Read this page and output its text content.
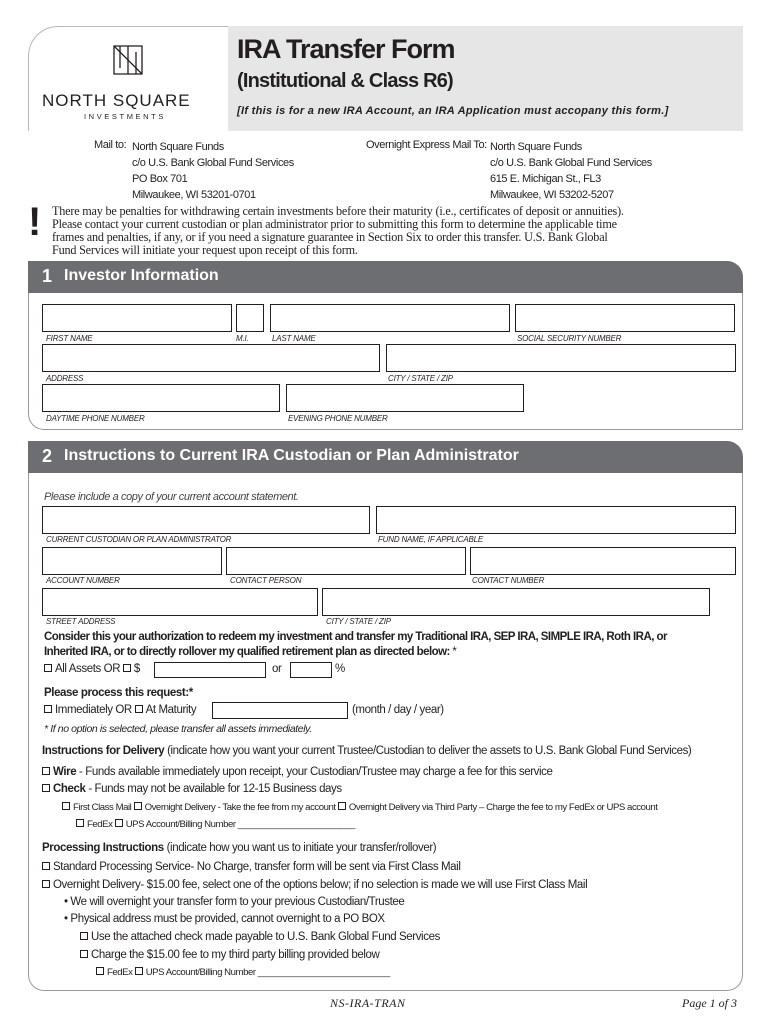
NORTH SQUARE
INVESTMENTS
IRA Transfer Form
(Institutional & Class R6)
[If this is for a new IRA Account, an IRA Application must accopany this form.]
Mail to: North Square Funds
c/o U.S. Bank Global Fund Services
PO Box 701
Milwaukee, WI 53201-0701
Overnight Express Mail To: North Square Funds
c/o U.S. Bank Global Fund Services
615 E. Michigan St., FL3
Milwaukee, WI 53202-5207
! There may be penalties for withdrawing certain investments before their maturity (i.e., certificates of deposit or annuities).
Please contact your current custodian or plan administrator prior to submitting this form to determine the applicable time
frames and penalties, if any, or if you need a signature guarantee in Section Six to order this transfer. U.S. Bank Global
Fund Services will initiate your request upon receipt of this form.
1 Investor Information
FIRST NAME	M.I.	LAST NAME	SOCIAL SECURITY NUMBER
ADDRESS	CITY / STATE / ZIP
DAYTIME PHONE NUMBER	EVENING PHONE NUMBER
2 Instructions to Current IRA Custodian or Plan Administrator
Please include a copy of your current account statement.
CURRENT CUSTODIAN OR PLAN ADMINISTRATOR	FUND NAME, IF APPLICABLE
ACCOUNT NUMBER	CONTACT PERSON	CONTACT NUMBER
STREET ADDRESS	CITY / STATE / ZIP
Consider this your authorization to redeem my investment and transfer my Traditional IRA, SEP IRA, SIMPLE IRA, Roth IRA, or
Inherited IRA, or to directly rollover my qualified retirement plan as directed below: *
All Assets OR $	or	%
Please process this request:*
Immediately OR At Maturity	(month / day / year)
* If no option is selected, please transfer all assets immediately.
Instructions for Delivery (indicate how you want your current Trustee/Custodian to deliver the assets to U.S. Bank Global Fund Services)
Wire - Funds available immediately upon receipt, your Custodian/Trustee may charge a fee for this service
Check - Funds may not be available for 12-15 Business days
First Class Mail Overnight Delivery - Take the fee from my account Overnight Delivery via Third Party – Charge the fee to my FedEx or UPS account
FedEx UPS Account/Billing Number ________________________
Processing Instructions (indicate how you want us to initiate your transfer/rollover)
Standard Processing Service- No Charge, transfer form will be sent via First Class Mail
Overnight Delivery- $15.00 fee, select one of the options below; if no selection is made we will use First Class Mail
• We will overnight your transfer form to your previous Custodian/Trustee
• Physical address must be provided, cannot overnight to a PO BOX
Use the attached check made payable to U.S. Bank Global Fund Services
Charge the $15.00 fee to my third party billing provided below
FedEx UPS Account/Billing Number ___________________________
NS-IRA-TRAN	Page 1 of 3
